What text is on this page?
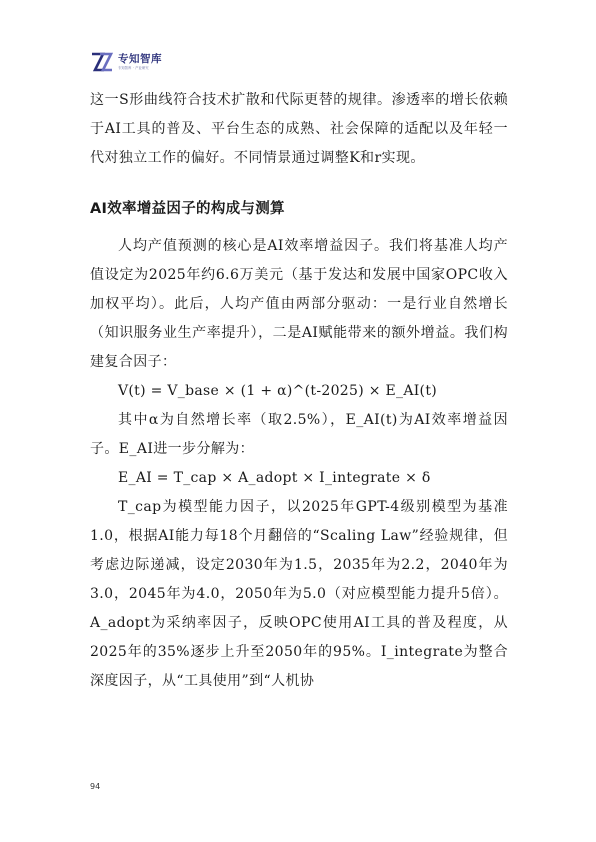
专知智库
专知智库 · 产业研究

这一S形曲线符合技术扩散和代际更替的规律。渗透率的增长依赖于AI工具的普及、平台生态的成熟、社会保障的适配以及年轻一代对独立工作的偏好。不同情景通过调整K和r实现。

AI效率增益因子的构成与测算

人均产值预测的核心是AI效率增益因子。我们将基准人均产值设定为2025年约6.6万美元（基于发达和发展中国家OPC收入加权平均）。此后，人均产值由两部分驱动：一是行业自然增长（知识服务业生产率提升），二是AI赋能带来的额外增益。我们构建复合因子：

V(t) = V_base × (1 + α)^(t-2025) × E_AI(t)

其中α为自然增长率（取2.5%），E_AI(t)为AI效率增益因子。E_AI进一步分解为：

E_AI = T_cap × A_adopt × I_integrate × δ

T_cap为模型能力因子，以2025年GPT-4级别模型为基准1.0，根据AI能力每18个月翻倍的“Scaling Law”经验规律，但考虑边际递减，设定2030年为1.5，2035年为2.2，2040年为3.0，2045年为4.0，2050年为5.0（对应模型能力提升5倍）。A_adopt为采纳率因子，反映OPC使用AI工具的普及程度，从2025年的35%逐步上升至2050年的95%。I_integrate为整合深度因子，从“工具使用”到“人机协

94
